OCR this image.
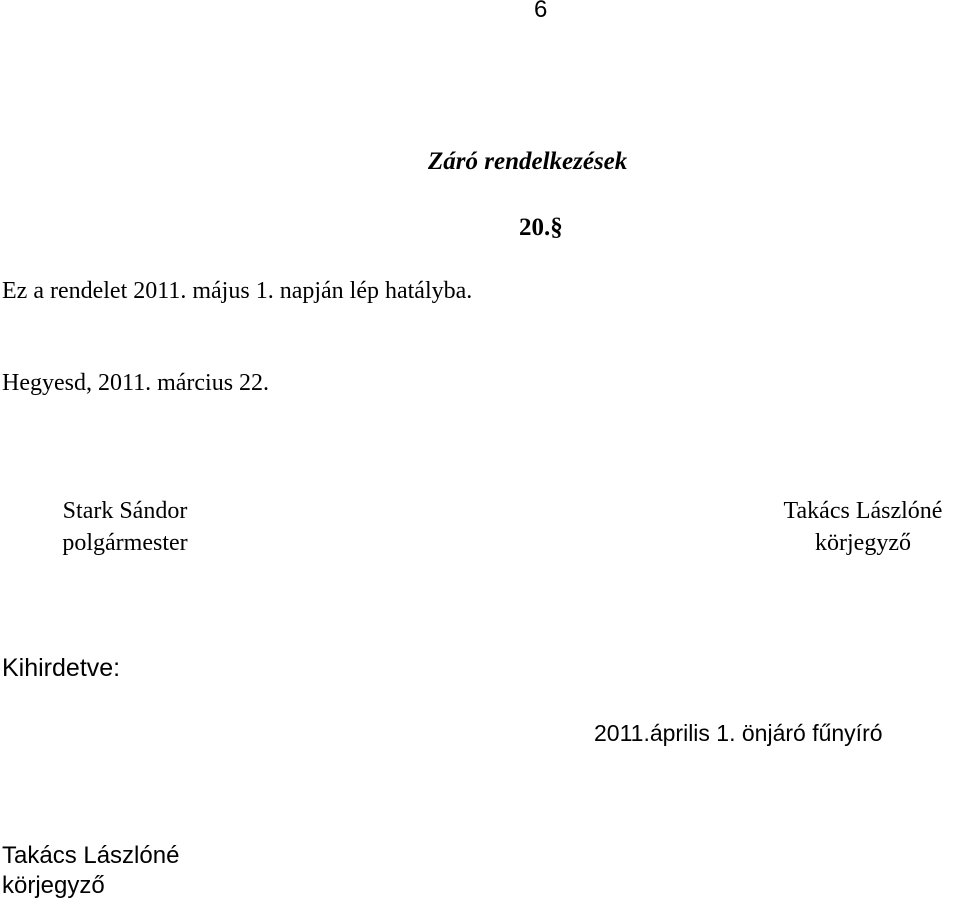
6
Záró rendelkezések
20.§
Ez a rendelet 2011. május 1. napján lép hatályba.
Hegyesd, 2011. március 22.
Stark Sándor
polgármester
Takács Lászlóné
körjegyző
Kihirdetve:
2011.április 1. önjáró fűnyíró
Takács Lászlóné
körjegyző
